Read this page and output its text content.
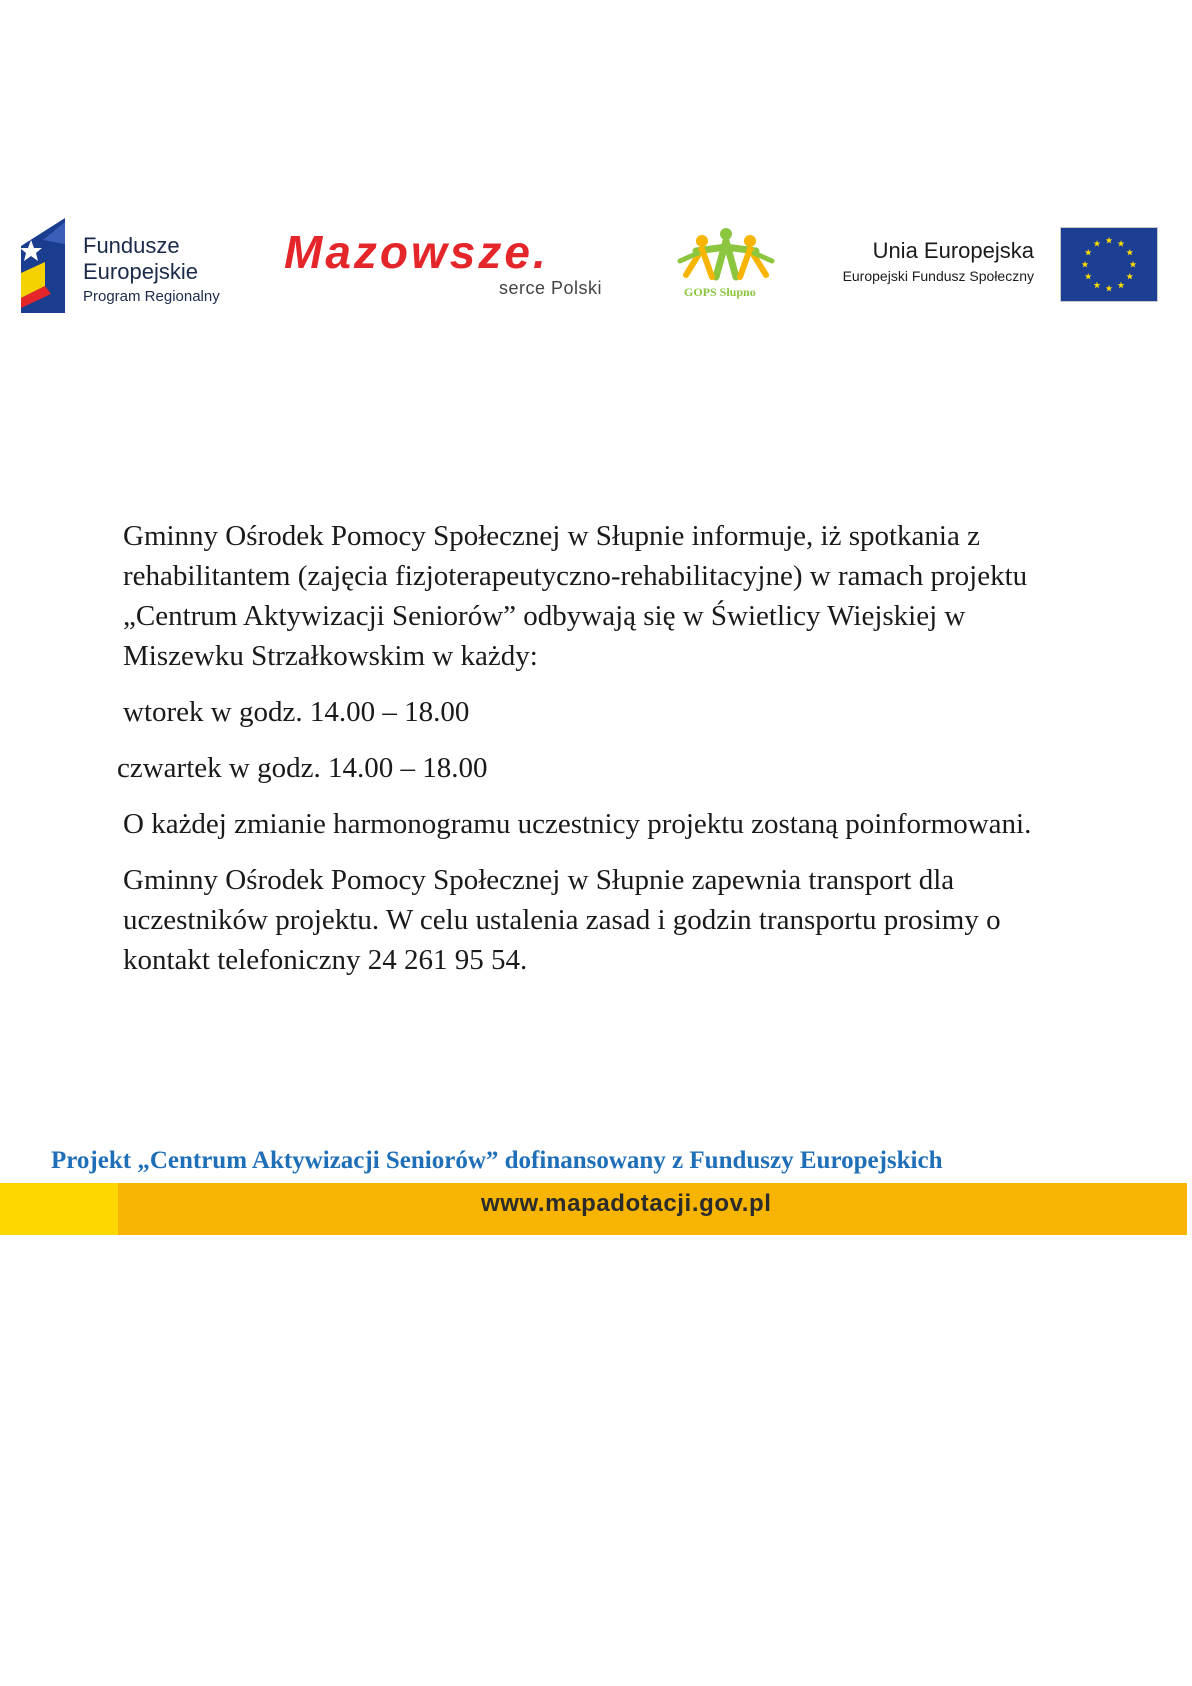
Fundusze
Europejskie
Program Regionalny
Mazowsze.
serce Polski	GOPS Słupno
Unia Europejska
Europejski Fundusz Społeczny

Gminny Ośrodek Pomocy Społecznej w Słupnie informuje, iż spotkania z rehabilitantem (zajęcia fizjoterapeutyczno-rehabilitacyjne) w ramach projektu „Centrum Aktywizacji Seniorów” odbywają się w Świetlicy Wiejskiej w Miszewku Strzałkowskim w każdy:

wtorek w godz. 14.00 – 18.00

czwartek w godz. 14.00 – 18.00

O każdej zmianie harmonogramu uczestnicy projektu zostaną poinformowani.

Gminny Ośrodek Pomocy Społecznej w Słupnie zapewnia transport dla uczestników projektu. W celu ustalenia zasad i godzin transportu prosimy o kontakt telefoniczny 24 261 95 54.

Projekt „Centrum Aktywizacji Seniorów” dofinansowany z Funduszy Europejskich
www.mapadotacji.gov.pl
